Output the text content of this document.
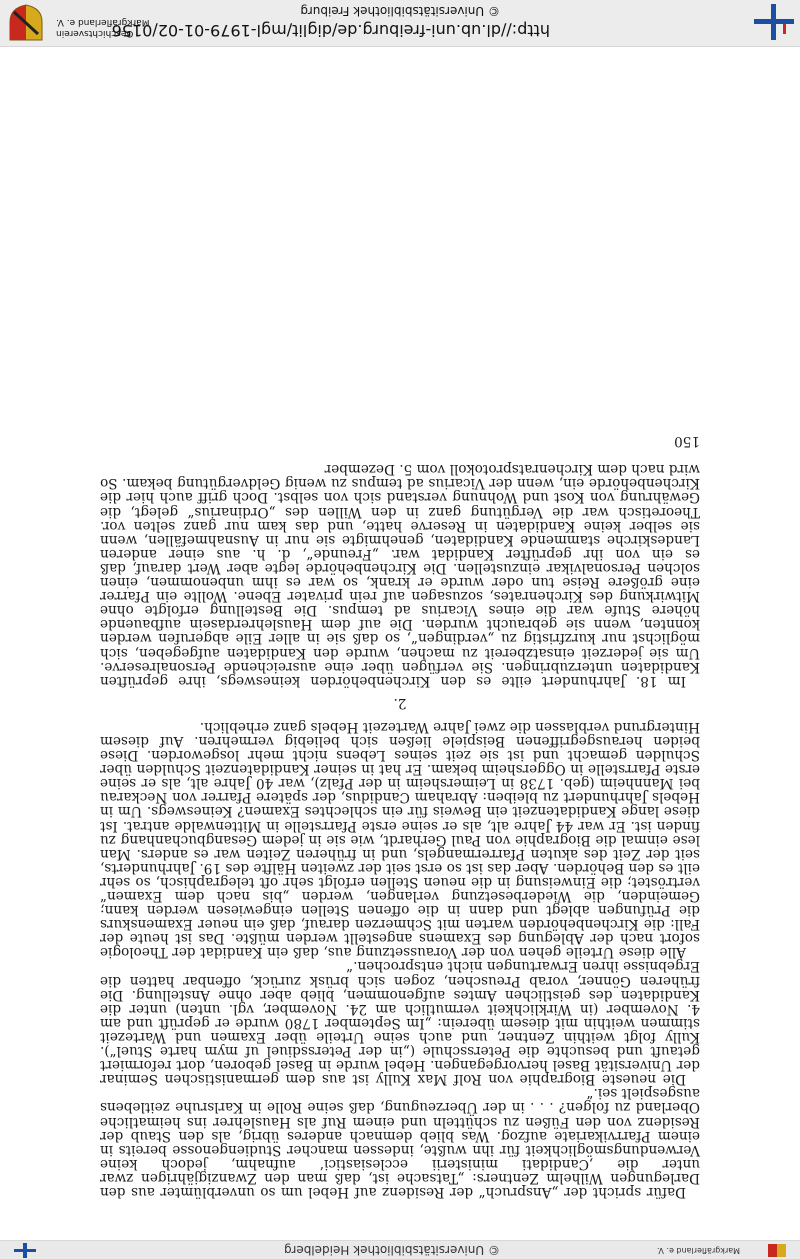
Markgräflerland e. V.
© Universitätsbibliothek Heidelberg

Dafür spricht der „Anspruch“ der Residenz auf Hebel um so unverblümter aus den Darlegungen Wilhelm Zentners: „Tatsache ist, daß man den Zwanzigjährigen zwar unter die ‚Candidati ministerii ecclesiastici‘ aufnahm, jedoch keine Verwendungsmöglichkeit für ihn wußte, indessen mancher Studiengenosse bereits in einem Pfarrvikariate aufzog. Was blieb demnach anderes übrig, als den Staub der Residenz von den Füßen zu schütteln und einem Ruf als Hauslehrer ins heimatliche Oberland zu folgen? . . . in der Überzeugung, daß seine Rolle in Karlsruhe zeitlebens ausgespielt sei.“

Die neueste Biographie von Rolf Max Kully ist aus dem germanistischen Seminar der Universität Basel hervorgegangen. Hebel wurde in Basel geboren, dort reformiert getauft und besuchte die Petersschule („in der Peterssdiuel uf mym harte Stuel“). Kully folgt weithin Zentner, und auch seine Urteile über Examen und Wartezeit stimmen weithin mit diesem überein: „Im September 1780 wurde er geprüft und am 4. November (in Wirklichkeit vermutlich am 24. November, vgl. unten) unter die Kandidaten des geistlichen Amtes aufgenommen, blieb aber ohne Anstellung. Die früheren Gönner, vorab Preuschen, zogen sich brüsk zurück, offenbar hatten die Ergebnisse ihren Erwartungen nicht entsprochen.“

Alle diese Urteile gehen von der Voraussetzung aus, daß ein Kandidat der Theologie sofort nach der Ablegung des Examens angestellt werden müßte. Das ist heute der Fall: die Kirchenbehörden warten mit Schmerzen darauf, daß ein neuer Examenskurs die Prüfungen ablegt und dann in die offenen Stellen eingewiesen werden kann; Gemeinden, die Wiederbesetzung verlangen, werden „bis nach dem Examen“ vertröstet; die Einweisung in die neuen Stellen erfolgt sehr oft telegraphisch, so sehr eilt es den Behörden. Aber das ist so erst seit der zweiten Hälfte des 19. Jahrhunderts, seit der Zeit des akuten Pfarrermangels, und in früheren Zeiten war es anders. Man lese einmal die Biographie von Paul Gerhardt, wie sie in jedem Gesangbuchanhang zu finden ist. Er war 44 Jahre alt, als er seine erste Pfarrstelle in Mittenwalde antrat. Ist diese lange Kandidatenzeit ein Beweis für ein schlechtes Examen? Keineswegs. Um in Hebels Jahrhundert zu bleiben: Abraham Candidus, der spätere Pfarrer von Neckarau bei Mannheim (geb. 1738 in Leimersheim in der Pfalz), war 40 Jahre alt, als er seine erste Pfarrstelle in Oggersheim bekam. Er hat in seiner Kandidatenzeit Schulden über Schulden gemacht und ist sie zeit seines Lebens nicht mehr losgeworden. Diese beiden herausgegriffenen Beispiele ließen sich beliebig vermehren. Auf diesem Hintergrund verblassen die zwei Jahre Wartezeit Hebels ganz erheblich.

2.

Im 18. Jahrhundert eilte es den Kirchenbehörden keineswegs, ihre geprüften Kandidaten unterzubringen. Sie verfügen über eine ausreichende Personalreserve. Um sie jederzeit einsatzbereit zu machen, wurde den Kandidaten aufgegeben, sich möglichst nur kurzfristig zu „verdingen“, so daß sie in aller Eile abgerufen werden konnten, wenn sie gebraucht wurden. Die auf dem Hauslehrerdasein aufbauende höhere Stufe war die eines Vicarius ad tempus. Die Bestellung erfolgte ohne Mitwirkung des Kirchenrates, sozusagen auf rein privater Ebene. Wollte ein Pfarrer eine größere Reise tun oder wurde er krank, so war es ihm unbenommen, einen solchen Personalvikar einzustellen. Die Kirchenbehörde legte aber Wert darauf, daß es ein von ihr geprüfter Kandidat war. „Freunde“, d. h. aus einer anderen Landeskirche stammende Kandidaten, genehmigte sie nur in Ausnahmefällen, wenn sie selber keine Kandidaten in Reserve hatte, und das kam nur ganz selten vor. Theoretisch war die Vergütung ganz in den Willen des „Ordinarius“ gelegt, die Gewährung von Kost und Wohnung verstand sich von selbst. Doch griff auch hier die Kirchenbehörde ein, wenn der Vicarius ad tempus zu wenig Geldvergütung bekam. So wird nach dem Kirchenratsprotokoll vom 5. Dezember

150

http://dl.ub.uni-freiburg.de/diglit/mgl-1979-01-02/0156
© Universitätsbibliothek Freiburg
Geschichtsverein Markgräflerland e. V.
